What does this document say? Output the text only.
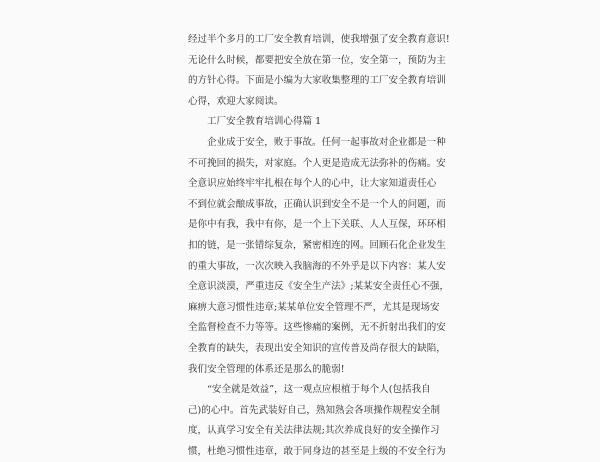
经过半个多月的工厂安全教育培训，使我增强了安全教育意识!
无论什么时候，都要把安全放在第一位，安全第一，预防为主
的方针心得。下面是小编为大家收集整理的工厂安全教育培训
心得，欢迎大家阅读。
工厂安全教育培训心得篇 1
企业成于安全，败于事故。任何一起事故对企业都是一种
不可挽回的损失，对家庭。个人更是造成无法弥补的伤痛。安
全意识应始终牢牢扎根在每个人的心中，让大家知道责任心
不到位就会酿成事故，正确认识到安全不是一个人的问题，而
是你中有我，我中有你，是一个上下关联、人人互保，环环相
扣的链，是一张错综复杂，紧密相连的网。回顾石化企业发生
的重大事故，一次次映入我脑海的不外乎是以下内容：某人安
全意识淡漠，严重违反《安全生产法》;某某安全责任心不强，
麻痹大意习惯性违章;某某单位安全管理不严，尤其是现场安
全监督检查不力等等。这些惨痛的案例，无不折射出我们的安
全教育的缺失，表现出安全知识的宣传普及尚存很大的缺陷，
我们安全管理的体系还是那么的脆弱!
“安全就是效益”，这一观点应根植于每个人(包括我自
己)的心中。首先武装好自己，熟知熟会各项操作规程安全制
度，认真学习安全有关法律法规;其次养成良好的安全操作习
惯，杜绝习惯性违章，敢于同身边的甚至是上级的不安全行为
